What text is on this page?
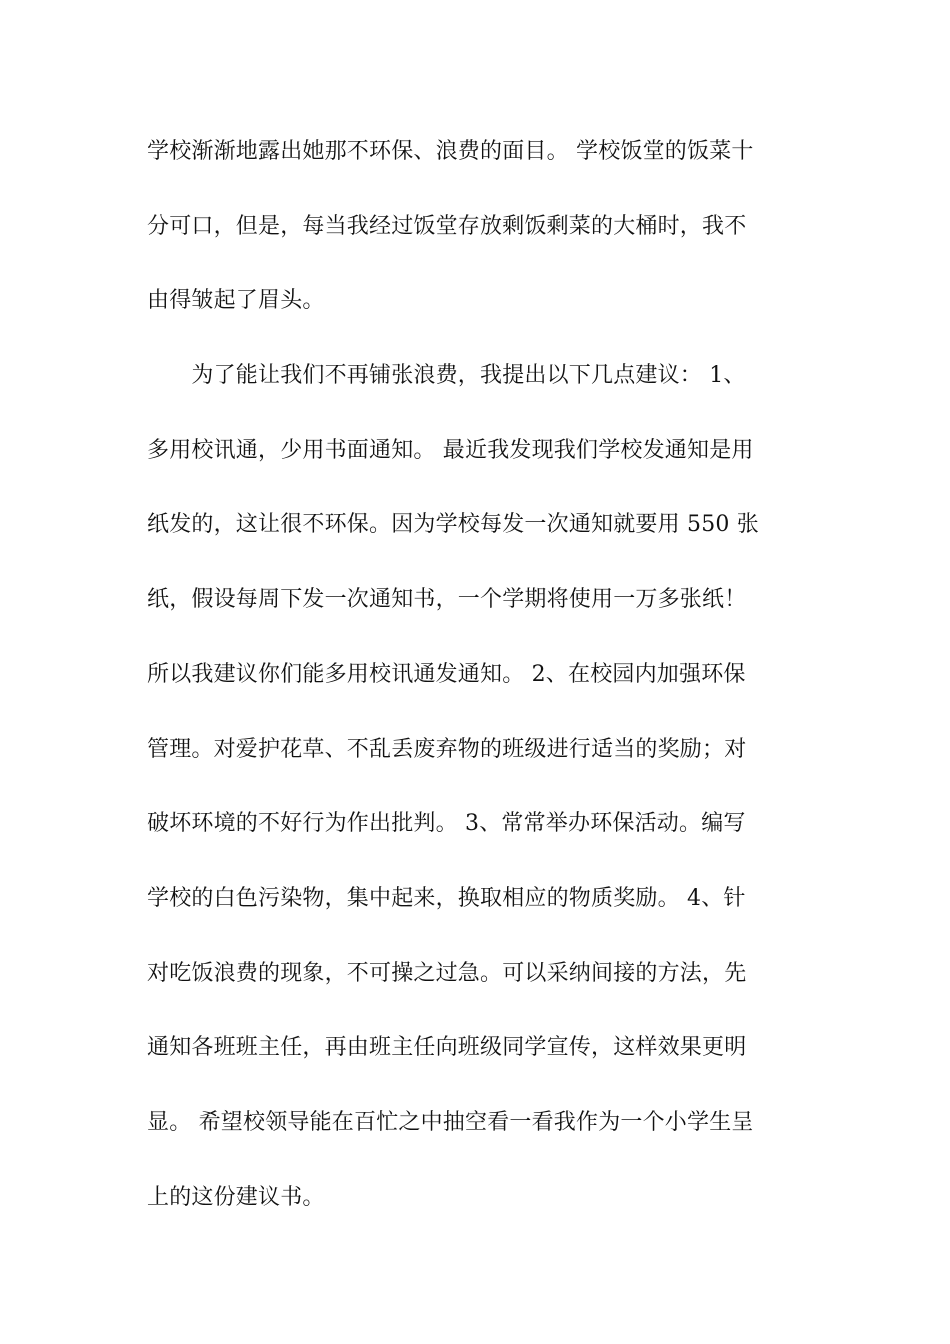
学校渐渐地露出她那不环保、浪费的面目。 学校饭堂的饭菜十
分可口，但是，每当我经过饭堂存放剩饭剩菜的大桶时，我不
由得皱起了眉头。
　　为了能让我们不再铺张浪费，我提出以下几点建议： 1、
多用校讯通，少用书面通知。 最近我发现我们学校发通知是用
纸发的，这让很不环保。因为学校每发一次通知就要用 550 张
纸，假设每周下发一次通知书，一个学期将使用一万多张纸！
所以我建议你们能多用校讯通发通知。 2、在校园内加强环保
管理。对爱护花草、不乱丢废弃物的班级进行适当的奖励；对
破坏环境的不好行为作出批判。 3、常常举办环保活动。编写
学校的白色污染物，集中起来，换取相应的物质奖励。 4、针
对吃饭浪费的现象，不可操之过急。可以采纳间接的方法，先
通知各班班主任，再由班主任向班级同学宣传，这样效果更明
显。 希望校领导能在百忙之中抽空看一看我作为一个小学生呈
上的这份建议书。
